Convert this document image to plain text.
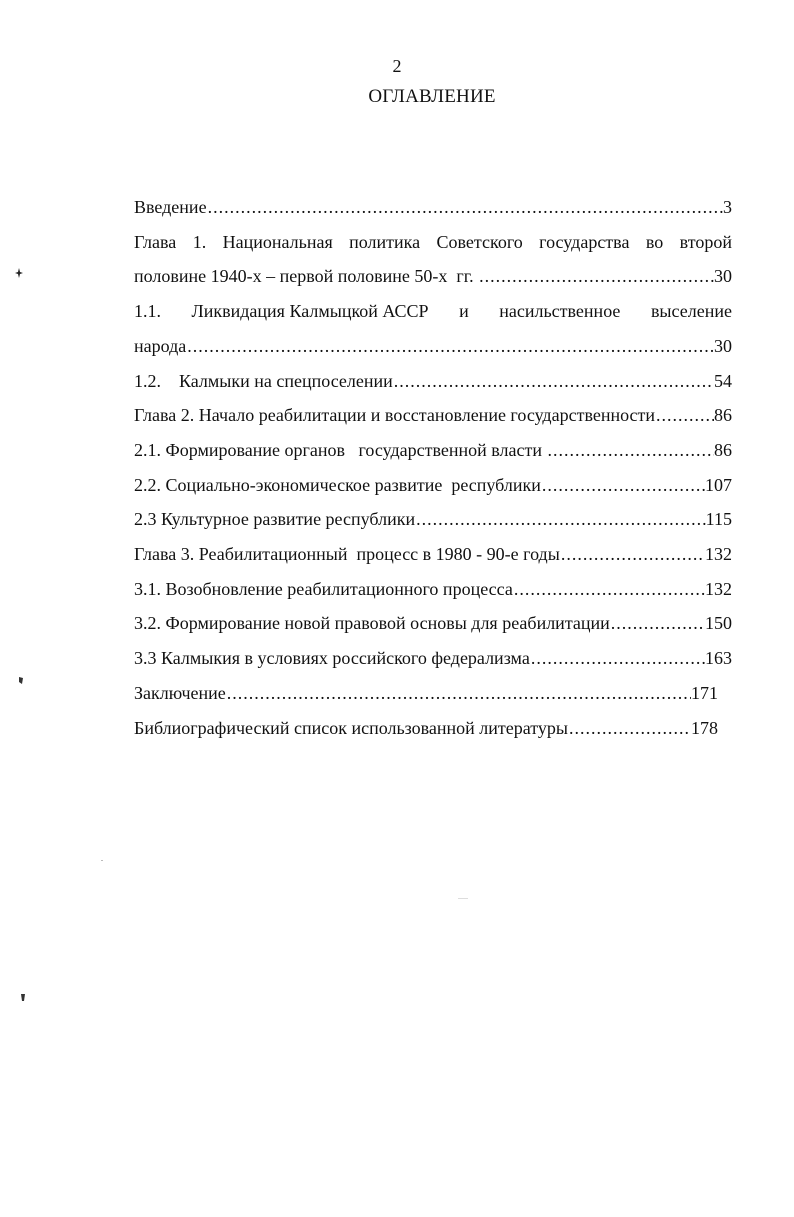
2
ОГЛАВЛЕНИЕ
Введение .....	3
Глава 1. Национальная политика Советского государства во второй
половине 1940-х – первой половине 50-х  гг. .....	30
1.1. Ликвидация Калмыцкой АССР и насильственное выселение
народа .....	30
1.2.    Калмыки на спецпоселении .....	54
Глава 2. Начало реабилитации и восстановление государственности .....	86
2.1. Формирование органов   государственной власти .....	86
2.2. Социально-экономическое развитие  республики .....	107
2.3 Культурное развитие республики .....	115
Глава 3. Реабилитационный  процесс в 1980 - 90-е годы .....	132
3.1. Возобновление реабилитационного процесса .....	132
3.2. Формирование новой правовой основы для реабилитации .....	150
3.3 Калмыкия в условиях российского федерализма .....	163
Заключение .....	171
Библиографический список использованной литературы .....	178
